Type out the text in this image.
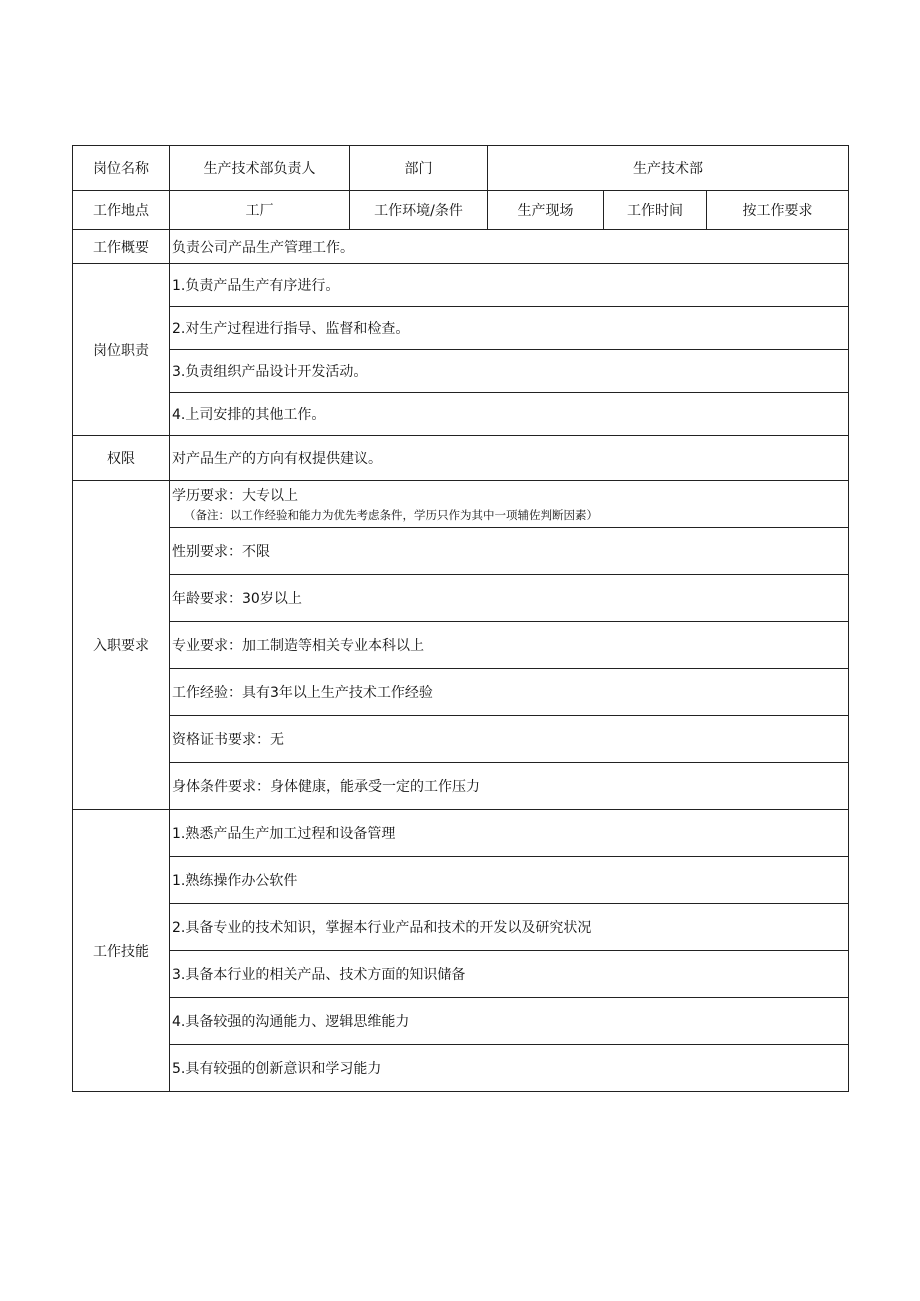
岗位名称	生产技术部负责人	部门	生产技术部		
工作地点	工厂	工作环境/条件	生产现场	工作时间	按工作要求
工作概要	负责公司产品生产管理工作。				
岗位职责	1.负责产品生产有序进行。				
	2.对生产过程进行指导、监督和检查。				
	3.负责组织产品设计开发活动。				
	4.上司安排的其他工作。				
权限	对产品生产的方向有权提供建议。				
入职要求	学历要求：大专以上
（备注：以工作经验和能力为优先考虑条件，学历只作为其中一项辅佐判断因素）				

	性别要求：不限				
	年龄要求：30岁以上				
	专业要求：加工制造等相关专业本科以上				
	工作经验：具有3年以上生产技术工作经验				
	资格证书要求：无				
	身体条件要求：身体健康，能承受一定的工作压力				
工作技能	1.熟悉产品生产加工过程和设备管理				
	1.熟练操作办公软件				
	2.具备专业的技术知识，掌握本行业产品和技术的开发以及研究状况				
	3.具备本行业的相关产品、技术方面的知识储备				
	4.具备较强的沟通能力、逻辑思维能力				
	5.具有较强的创新意识和学习能力				
